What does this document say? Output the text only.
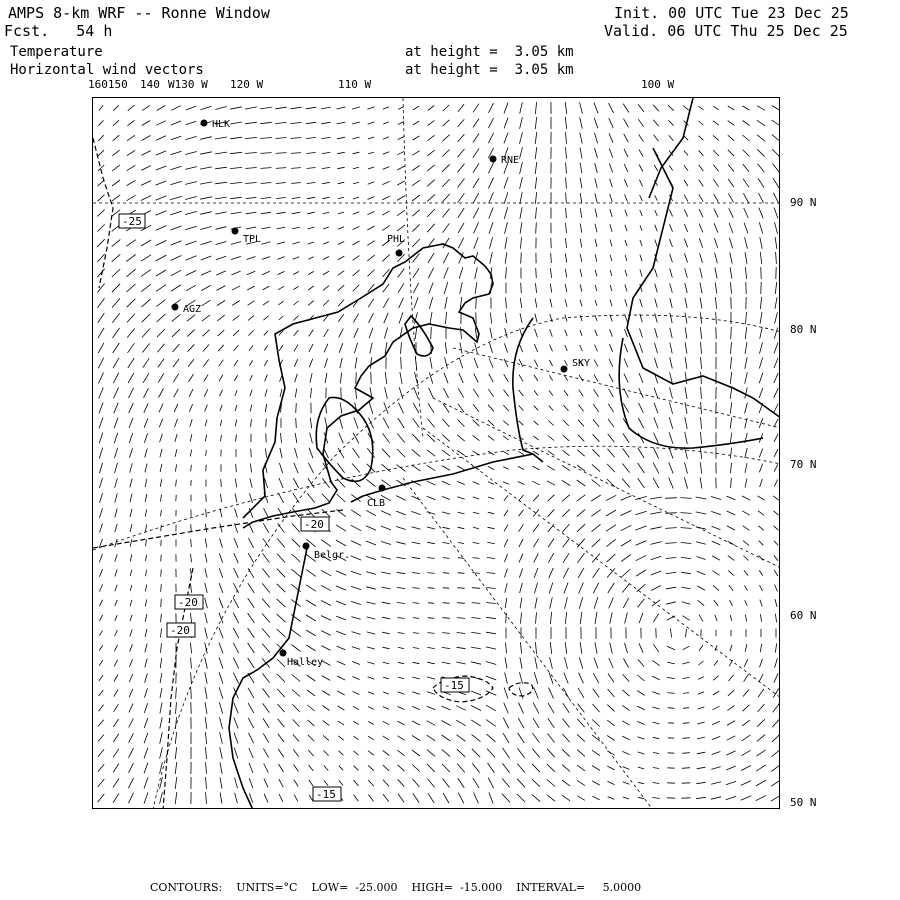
AMPS 8-km WRF -- Ronne Window
Fcst.   54 h
Init. 00 UTC Tue 23 Dec 25
Valid. 06 UTC Thu 25 Dec 25
Temperature	at height =  3.05 km
Horizontal wind vectors	at height =  3.05 km
160150 140 W130 W 120 W	110 W	100 W
90 N
80 N
70 N
60 N
50 N
HLK
RNE
TPL	PHL
AGZ
SKY
CLB
Belgr.
Halley
-25
-20
-20
-20
-15
-15
CONTOURS: UNITS=°C LOW=  -25.000 HIGH=  -15.000 INTERVAL=     5.0000
